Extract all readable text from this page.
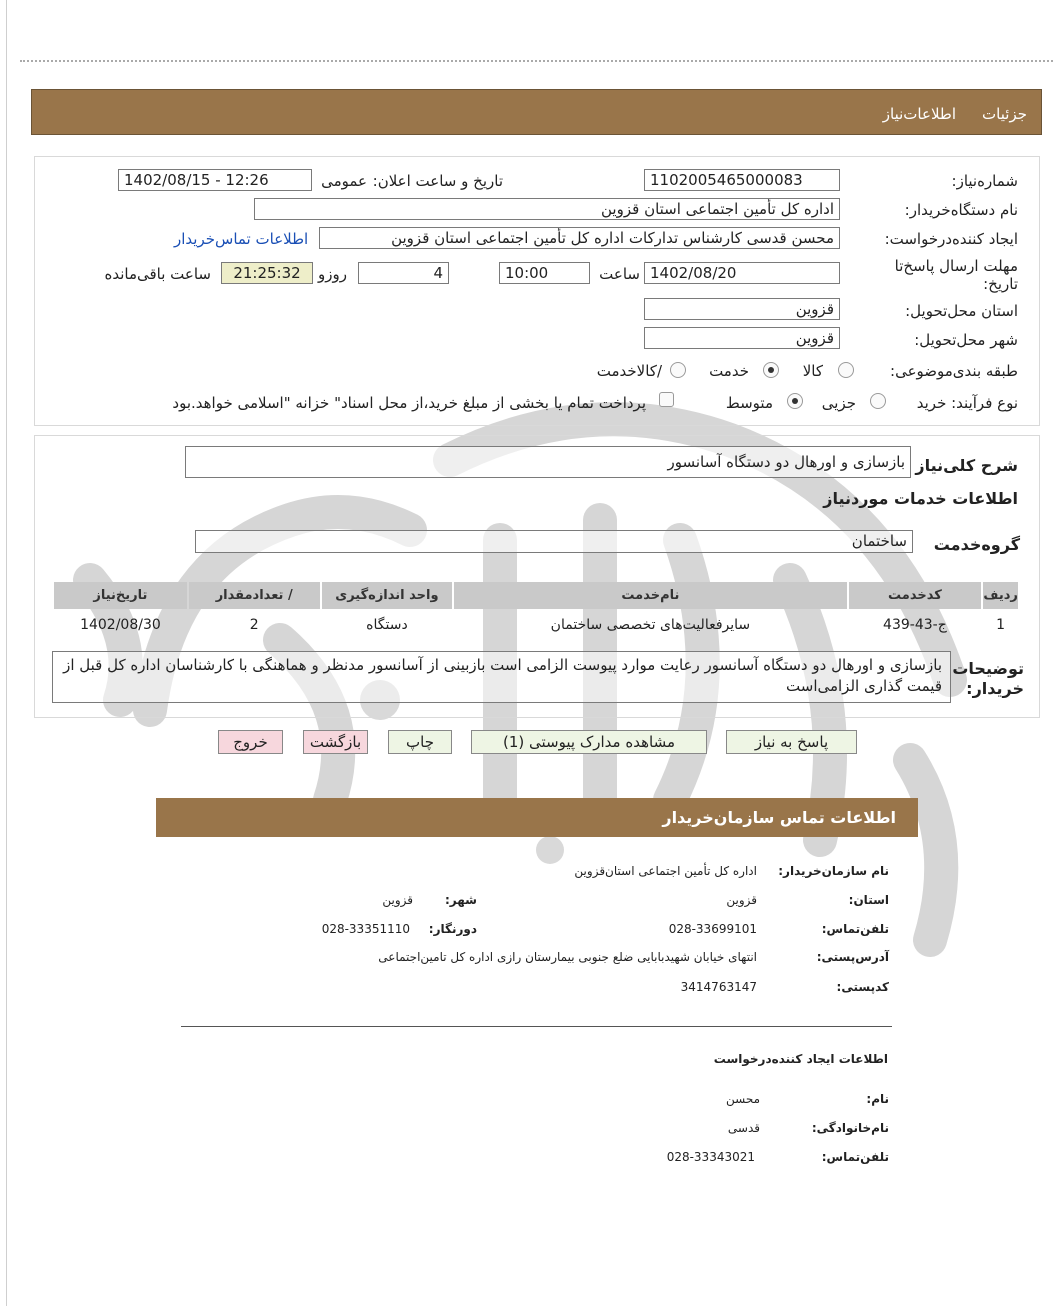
جزئیات
اطلاعات‌نیاز
شماره‌نیاز:
1102005465000083
تاریخ و ساعت اعلان:
عمومی
1402/08/15 - 12:26
نام دستگاه‌خریدار:
اداره کل تأمین اجتماعی استان قزوین
ایجاد کننده‌درخواست:
محسن قدسی کارشناس تدارکات اداره کل تأمین اجتماعی استان قزوین
اطلاعات تماس‌خریدار
مهلت ارسال پاسخ‌تا
تاریخ:
1402/08/20
ساعت
10:00
4
روزو
21:25:32
ساعت باقی‌مانده
استان محل‌تحویل:
قزوین
شهر محل‌تحویل:
قزوین
طبقه بندی‌موضوعی:
کالا
خدمت
/کالاخدمت
نوع فرآیند: خرید
جزیی
متوسط
پرداخت تمام یا بخشی از مبلغ خرید،از محل اسناد" خزانه "اسلامی خواهد.بود
شرح کلی‌نیاز
بازسازی و اورهال دو دستگاه آسانسور
اطلاعات خدمات موردنیاز
گروه‌خدمت
ساختمان
ردیف	کدخدمت	نام‌خدمت	واحد اندازه‌گیری	/ تعدادمقدار	تاریخ‌نیاز
1	ج-43-439	سایرفعالیت‌های تخصصی ساختمان	دستگاه	2	1402/08/30
توضیحات
خریدار:
بازسازی و اورهال دو دستگاه آسانسور رعایت موارد پیوست الزامی است بازبینی از آسانسور مدنظر و هماهنگی با کارشناسان اداره کل قبل از قیمت گذاری الزامی‌است
پاسخ به نیاز
مشاهده مدارک پیوستی (1)
چاپ
بازگشت
خروج
اطلاعات تماس سازمان‌خریدار
نام سازمان‌خریدار:
اداره کل تأمین اجتماعی استان‌قزوین
استان:
قزوین
شهر:
قزوین
تلفن‌تماس:
028-33699101
دورنگار:
028-33351110
آدرس‌پستی:
انتهای خیابان شهیدبابایی ضلع جنوبی بیمارستان رازی اداره کل تامین‌اجتماعی
کدپستی:
3414763147
اطلاعات ایجاد کننده‌درخواست
نام:
محسن
نام‌خانوادگی:
قدسی
تلفن‌تماس:
028-33343021
